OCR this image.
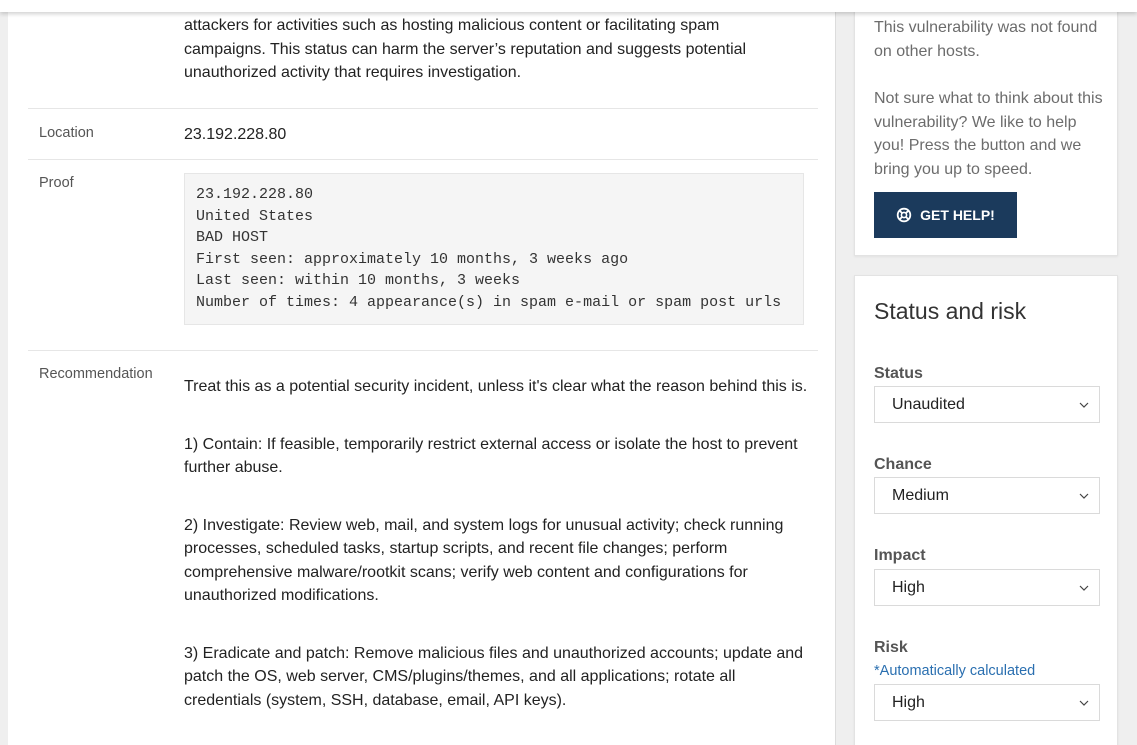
attackers for activities such as hosting malicious content or facilitating spam campaigns. This status can harm the server’s reputation and suggests potential unauthorized activity that requires investigation.
Location	23.192.228.80
Proof
23.192.228.80
United States
BAD HOST
First seen: approximately 10 months, 3 weeks ago
Last seen: within 10 months, 3 weeks
Number of times: 4 appearance(s) in spam e-mail or spam post urls
Recommendation

Treat this as a potential security incident, unless it's clear what the reason behind this is.

1) Contain: If feasible, temporarily restrict external access or isolate the host to prevent further abuse.

2) Investigate: Review web, mail, and system logs for unusual activity; check running processes, scheduled tasks, startup scripts, and recent file changes; perform comprehensive malware/rootkit scans; verify web content and configurations for unauthorized modifications.

3) Eradicate and patch: Remove malicious files and unauthorized accounts; update and patch the OS, web server, CMS/plugins/themes, and all applications; rotate all credentials (system, SSH, database, email, API keys).

This vulnerability was not found on other hosts.
Not sure what to think about this vulnerability? We like to help you! Press the button and we bring you up to speed.
GET HELP!
Status and risk
Status
Unaudited
Chance
Medium
Impact
High
Risk
*Automatically calculated
High
